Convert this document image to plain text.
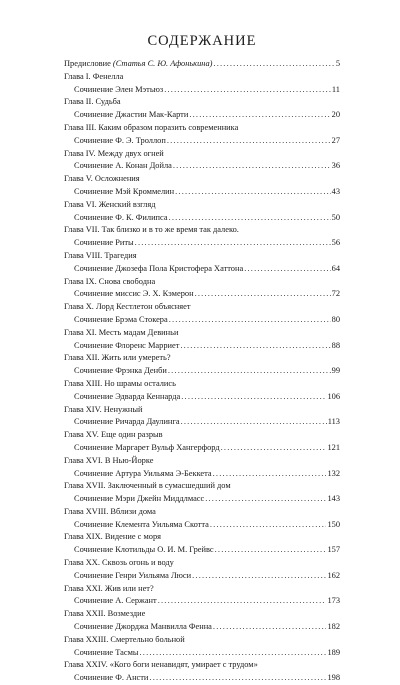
СОДЕРЖАНИЕ
Предисловие (Статья С. Ю. Афонькина) .....	5
Глава I. Фенелла
Сочинение Элен Мэтьюз .....	11
Глава II. Судьба
Сочинение Джастин Мак-Карти .....	20
Глава III. Каким образом поразить современника
Сочинение Ф. Э. Троллоп .....	27
Глава IV. Между двух огней
Сочинение А. Конан Дойла .....	36
Глава V. Осложнения
Сочинение Мэй Кроммелин .....	43
Глава VI. Женский взгляд
Сочинение Ф. К. Филипса .....	50
Глава VII. Так близко и в то же время так далеко.
Сочинение Риты .....	56
Глава VIII. Трагедия
Сочинение Джозефа Пола Кристофера Хаттона .....	64
Глава IX. Снова свободна
Сочинение миссис Э. Х. Кэмерон .....	72
Глава X. Лорд Кестлетон объясняет
Сочинение Брэма Стокера .....	80
Глава XI. Месть мадам Девиньи
Сочинение Флоренс Марриет .....	88
Глава XII. Жить или умереть?
Сочинение Фрэнка Денби .....	99
Глава XIII. Но шрамы остались
Сочинение Эдварда Кеннарда .....	106
Глава XIV. Ненужный
Сочинение Ричарда Даулинга .....	113
Глава XV. Еще один разрыв
Сочинение Маргарет Вульф Хангерфорд .....	121
Глава XVI. В Нью-Йорке
Сочинение Артура Уильяма Э-Беккета .....	132
Глава XVII. Заключенный в сумасшедший дом
Сочинение Мэри Джейн Миддлмасс .....	143
Глава XVIII. Вблизи дома
Сочинение Клемента Уильяма Скотта .....	150
Глава XIX. Видение с моря
Сочинение Клотильды О. И. М. Грейвс .....	157
Глава XX. Сквозь огонь и воду
Сочинение Генри Уильяма Люси .....	162
Глава XXI. Жив или нет?
Сочинение А. Сержант .....	173
Глава XXII. Возмездие
Сочинение Джорджа Манвилла Фенна .....	182
Глава XXIII. Смертельно больной
Сочинение Тасмы .....	189
Глава XXIV. «Кого боги ненавидят, умирает с трудом»
Сочинение Ф. Ансти .....	198
